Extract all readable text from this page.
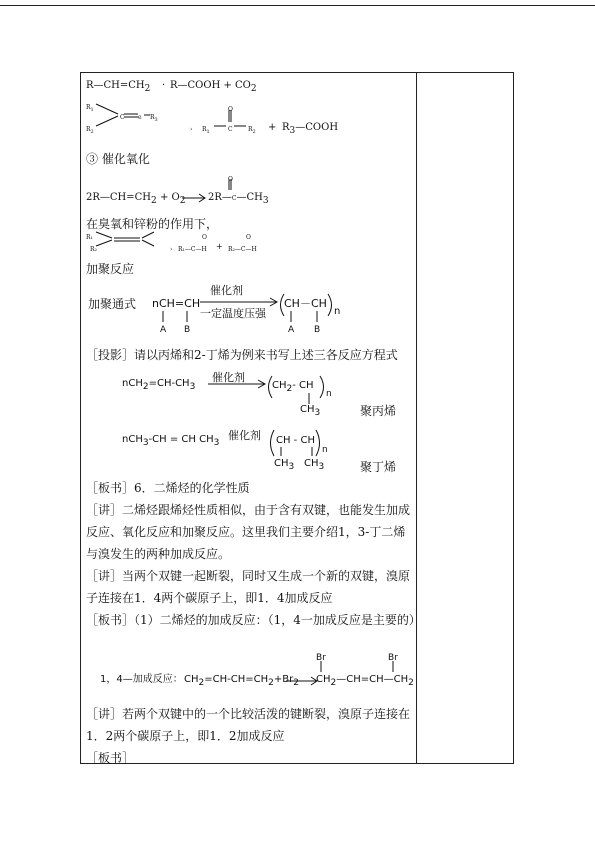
$R—CH=CH_2$ · R—COOH + $CO_2$
$R_1$
$R_2$
C e $R_3$
› $R_1$	C	$R_2$
O
+ $R_3—COOH$
③ 催化氧化
$2R—CH=CH_2 + O_2$ $2R—C—CH_3$
O
在臭氧和锌粉的作用下，
R₁
R₂	› R₁—C—H
O
+ R₂—C—H
O
加聚反应
加聚通式 nCH=CH
催化剂
一定温度压强
CH－CH
n
A B	A B
［投影］请以丙烯和2-丁烯为例来书写上述三各反应方程式
$nCH_2=CH-CH_3$
催化剂
$CH_2-$ CH
n
$CH_3$	聚丙烯
nCH$_3$-CH = CH $CH_3$
催化剂 CH - CH
n
$CH_3$ $CH_3$	聚丁烯
［板书］6．二烯烃的化学性质
［讲］二烯烃跟烯烃性质相似，由于含有双键，也能发生加成反应、氧化反应和加聚反应。这里我们主要介绍1，3-丁二烯与溴发生的两种加成反应。
［讲］当两个双键一起断裂，同时又生成一个新的双键，溴原子连接在1．4两个碳原子上，即1．4加成反应
［板书］（1）二烯烃的加成反应：（1，4一加成反应是主要的）
1，4—加成反应： $CH_2=CH-CH=CH_2+Br_2$ $CH_2—CH=CH—CH_2$
Br	Br
［讲］若两个双键中的一个比较活泼的键断裂，溴原子连接在1．2两个碳原子上，即1．2加成反应
［板书］
